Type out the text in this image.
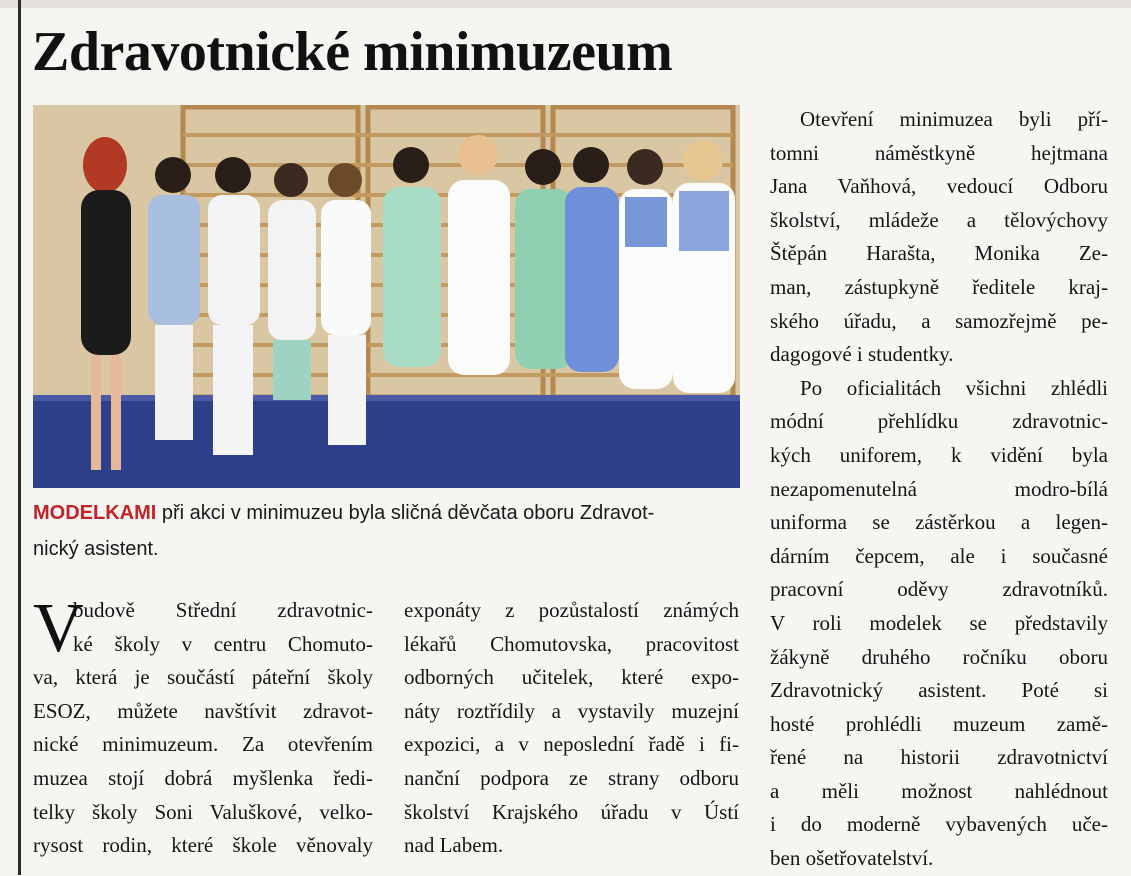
Zdravotnické minimuzeum
MODELKAMI při akci v minimuzeu byla sličná děvčata oboru Zdravot-
nický asistent.
V
budově Střední zdravotnic-
ké školy v centru Chomuto-
va, která je součástí páteřní školy
ESOZ, můžete navštívit zdravot-
nické minimuzeum. Za otevřením
muzea stojí dobrá myšlenka ředi-
telky školy Soni Valuškové, velko-
rysost rodin, které škole věnovaly
exponáty z pozůstalostí známých
lékařů Chomutovska, pracovitost
odborných učitelek, které expo-
náty roztřídily a vystavily muzejní
expozici, a v neposlední řadě i fi-
nanční podpora ze strany odboru
školství Krajského úřadu v Ústí
nad Labem.
Otevření minimuzea byli pří-
tomni náměstkyně hejtmana
Jana Vaňhová, vedoucí Odboru
školství, mládeže a tělovýchovy
Štěpán Harašta, Monika Ze-
man, zástupkyně ředitele kraj-
ského úřadu, a samozřejmě pe-
dagogové i studentky.
Po oficialitách všichni zhlédli
módní přehlídku zdravotnic-
kých uniforem, k vidění byla
nezapomenutelná modro-bílá
uniforma se zástěrkou a legen-
dárním čepcem, ale i současné
pracovní oděvy zdravotníků.
V roli modelek se představily
žákyně druhého ročníku oboru
Zdravotnický asistent. Poté si
hosté prohlédli muzeum zamě-
řené na historii zdravotnictví
a měli možnost nahlédnout
i do moderně vybavených uče-
ben ošetřovatelství.
